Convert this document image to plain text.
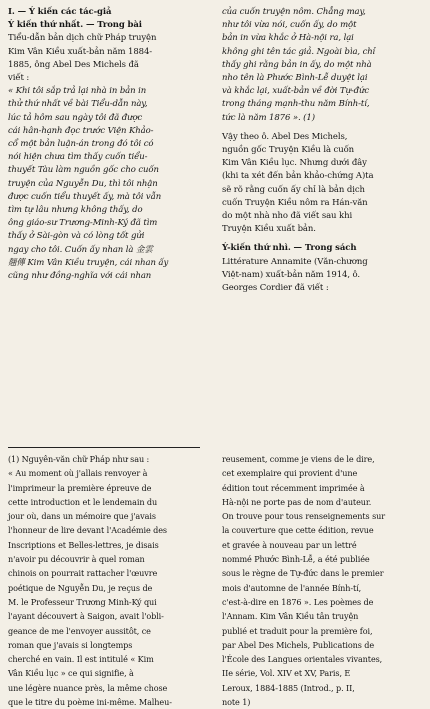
I. — Ý kiến các tác-giả
Ý kiến thứ nhất. — Trong bài
Tiểu-dẫn bản dịch chữ Pháp truyện
Kim Vân Kiều xuất-bản năm 1884-
1885, ông Abel Des Michels đã
viết :
« Khi tôi sắp trả lại nhà in bản in
thử thứ nhất về bài Tiểu-dẫn này,
lúc tả hôm sau ngày tôi đã được
cái hân-hạnh đọc trước Viện Khảo-
cổ một bản luận-án trong đó tôi có
nói hiện chưa tìm thấy cuốn tiểu-
thuyết Tàu làm nguồn gốc cho cuốn
truyện của Nguyễn Du, thì tôi nhận
được cuốn tiểu thuyết ấy, mà tôi vẫn
tìm tự lâu nhưng không thấy, do
ông giáo-sư Trương-Minh-Ký đã tìm
thấy ở Sài-gòn và có lòng tốt gửi
ngay cho tôi. Cuốn ấy nhan là 金雲
翹傳 Kim Vân Kiều truyện, cái nhan ấy
cũng như đồng-nghĩa với cái nhan
của cuốn truyện nôm. Chẳng may,
như tôi vừa nói, cuốn ấy, do một
bản in vừa khắc ở Hà-nội ra, lại
không ghi tên tác giả. Ngoài bìa, chỉ
thấy ghi rằng bản in ấy, do một nhà
nho tên là Phước Bình-Lễ duyệt lại
và khắc lại, xuất-bản về đời Tự-đức
trong tháng mạnh-thu năm Bính-tí,
tức là năm 1876 ». (1)
Vậy theo ô. Abel Des Michels,
nguồn gốc Truyện Kiều là cuốn
Kim Vân Kiều lục. Nhưng dưới đây
(khi ta xét đến bản khảo-chứng A)ta
sẽ rõ rằng cuốn ấy chỉ là bản dịch
cuốn Truyện Kiều nôm ra Hán-văn
do một nhà nho đã viết sau khi
Truyện Kiều xuất bản.
Ý-kiến thứ nhì. — Trong sách
Littérature Annamite (Văn-chương
Việt-nam) xuất-bản năm 1914, ô.
Georges Cordier đã viết :
(1) Nguyên-văn chữ Pháp như sau :
« Au moment où j'allais renvoyer à
l'imprimeur la première épreuve de
cette introduction et le lendemain du
jour où, dans un mémoire que j'avais
l'honneur de lire devant l'Académie des
Inscriptions et Belles-lettres, je disais
n'avoir pu découvrir à quel roman
chinois on pourrait rattacher l'œuvre
poétique de Nguyễn Du, je reçus de
M. le Professeur Trương Minh-Ký qui
l'ayant découvert à Saigon, avait l'obli-
geance de me l'envoyer aussitôt, ce
roman que j'avais si longtemps
cherché en vain. Il est intitulé « Kim
Vân Kiều lục » ce qui signifie, à
une légère nuance près, la même chose
que le titre du poème ini-même. Malheu-
reusement, comme je viens de le dire,
cet exemplaire qui provient d'une
édition tout récemment imprimée à
Hà-nội ne porte pas de nom d'auteur.
On trouve pour tous renseignements sur
la couverture que cette édition, revue
et gravée à nouveau par un lettré
nommé Phước Bình-Lễ, a été publiée
sous le règne de Tự-đức dans le premier
mois d'automne de l'année Bính-tí,
c'est-à-dire en 1876 ». Les poèmes de
l'Annam. Kim Vân Kiều tân truyện
publié et traduit pour la première foi,
par Abel Des Michels, Publications de
l'École des Langues orientales vivantes,
IIe série, Vol. XIV et XV, Paris, E
Leroux, 1884-1885 (Introd., p. II,
note 1)
